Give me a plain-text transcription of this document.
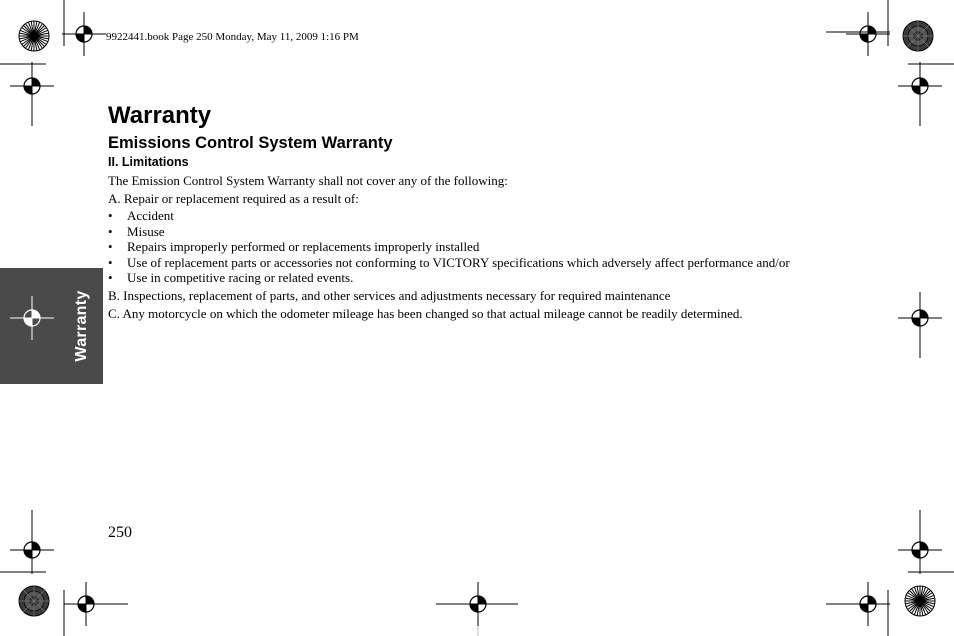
9922441.book Page 250 Monday, May 11, 2009 1:16 PM
Warranty
Warranty
Emissions Control System Warranty
II. Limitations

The Emission Control System Warranty shall not cover any of the following:

A. Repair or replacement required as a result of:

• Accident
• Misuse
• Repairs improperly performed or replacements improperly installed
• Use of replacement parts or accessories not conforming to VICTORY specifications which adversely affect performance and/or
• Use in competitive racing or related events.

B. Inspections, replacement of parts, and other services and adjustments necessary for required maintenance

C. Any motorcycle on which the odometer mileage has been changed so that actual mileage cannot be readily determined.

250
